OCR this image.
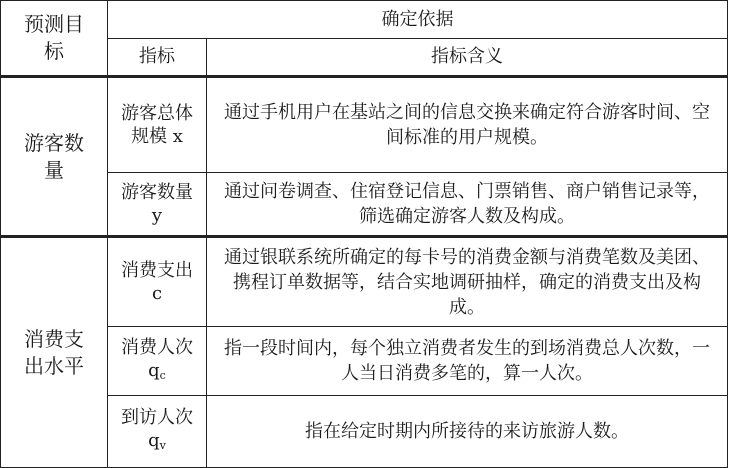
预测目标	确定依据	
	指标	指标含义
游客数量	游客总体规模 x	通过手机用户在基站之间的信息交换来确定符合游客时间、空间标准的用户规模。
	游客数量 y	通过问卷调查、住宿登记信息、门票销售、商户销售记录等，筛选确定游客人数及构成。
消费支出水平	消费支出 c	通过银联系统所确定的每卡号的消费金额与消费笔数及美团、携程订单数据等，结合实地调研抽样，确定的消费支出及构成。
	消费人次 $q_c$	指一段时间内，每个独立消费者发生的到场消费总人次数，一人当日消费多笔的，算一人次。
	到访人次 $q_v$	指在给定时期内所接待的来访旅游人数。
